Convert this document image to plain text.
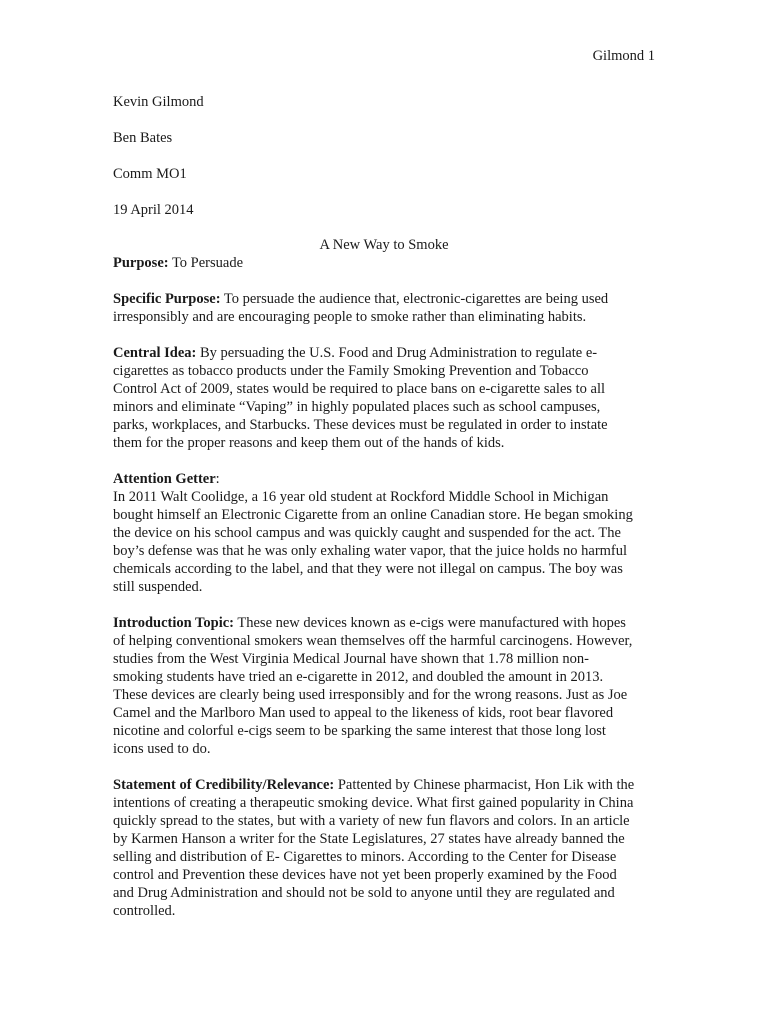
Gilmond 1
Kevin Gilmond
Ben Bates
Comm MO1
19 April 2014
A New Way to Smoke
Purpose: To Persuade
Specific Purpose: To persuade the audience that, electronic-cigarettes are being used
irresponsibly and are encouraging people to smoke rather than eliminating habits.
Central Idea: By persuading the U.S. Food and Drug Administration to regulate e-
cigarettes as tobacco products under the Family Smoking Prevention and Tobacco
Control Act of 2009, states would be required to place bans on e-cigarette sales to all
minors and eliminate “Vaping” in highly populated places such as school campuses,
parks, workplaces, and Starbucks. These devices must be regulated in order to instate
them for the proper reasons and keep them out of the hands of kids.
Attention Getter:
In 2011 Walt Coolidge, a 16 year old student at Rockford Middle School in Michigan
bought himself an Electronic Cigarette from an online Canadian store. He began smoking
the device on his school campus and was quickly caught and suspended for the act. The
boy’s defense was that he was only exhaling water vapor, that the juice holds no harmful
chemicals according to the label, and that they were not illegal on campus. The boy was
still suspended.
Introduction Topic: These new devices known as e-cigs were manufactured with hopes
of helping conventional smokers wean themselves off the harmful carcinogens. However,
studies from the West Virginia Medical Journal have shown that 1.78 million non-
smoking students have tried an e-cigarette in 2012, and doubled the amount in 2013.
These devices are clearly being used irresponsibly and for the wrong reasons. Just as Joe
Camel and the Marlboro Man used to appeal to the likeness of kids, root bear flavored
nicotine and colorful e-cigs seem to be sparking the same interest that those long lost
icons used to do.
Statement of Credibility/Relevance: Pattented by Chinese pharmacist, Hon Lik with the
intentions of creating a therapeutic smoking device. What first gained popularity in China
quickly spread to the states, but with a variety of new fun flavors and colors. In an article
by Karmen Hanson a writer for the State Legislatures, 27 states have already banned the
selling and distribution of E- Cigarettes to minors. According to the Center for Disease
control and Prevention these devices have not yet been properly examined by the Food
and Drug Administration and should not be sold to anyone until they are regulated and
controlled.
